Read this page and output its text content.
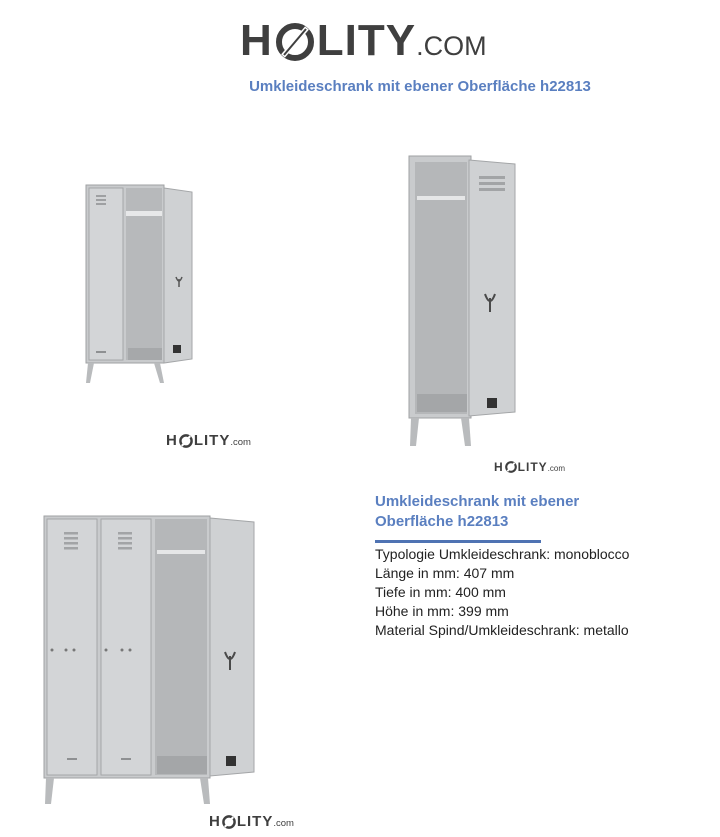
H LITY .COM
Umkleideschrank mit ebener Oberfläche h22813
H LITY .com
H LITY .com
H LITY .com
Umkleideschrank mit ebener Oberfläche h22813
Typologie Umkleideschrank: monoblocco
Länge in mm: 407 mm
Tiefe in mm: 400 mm
Höhe in mm: 399 mm
Material Spind/Umkleideschrank: metallo
